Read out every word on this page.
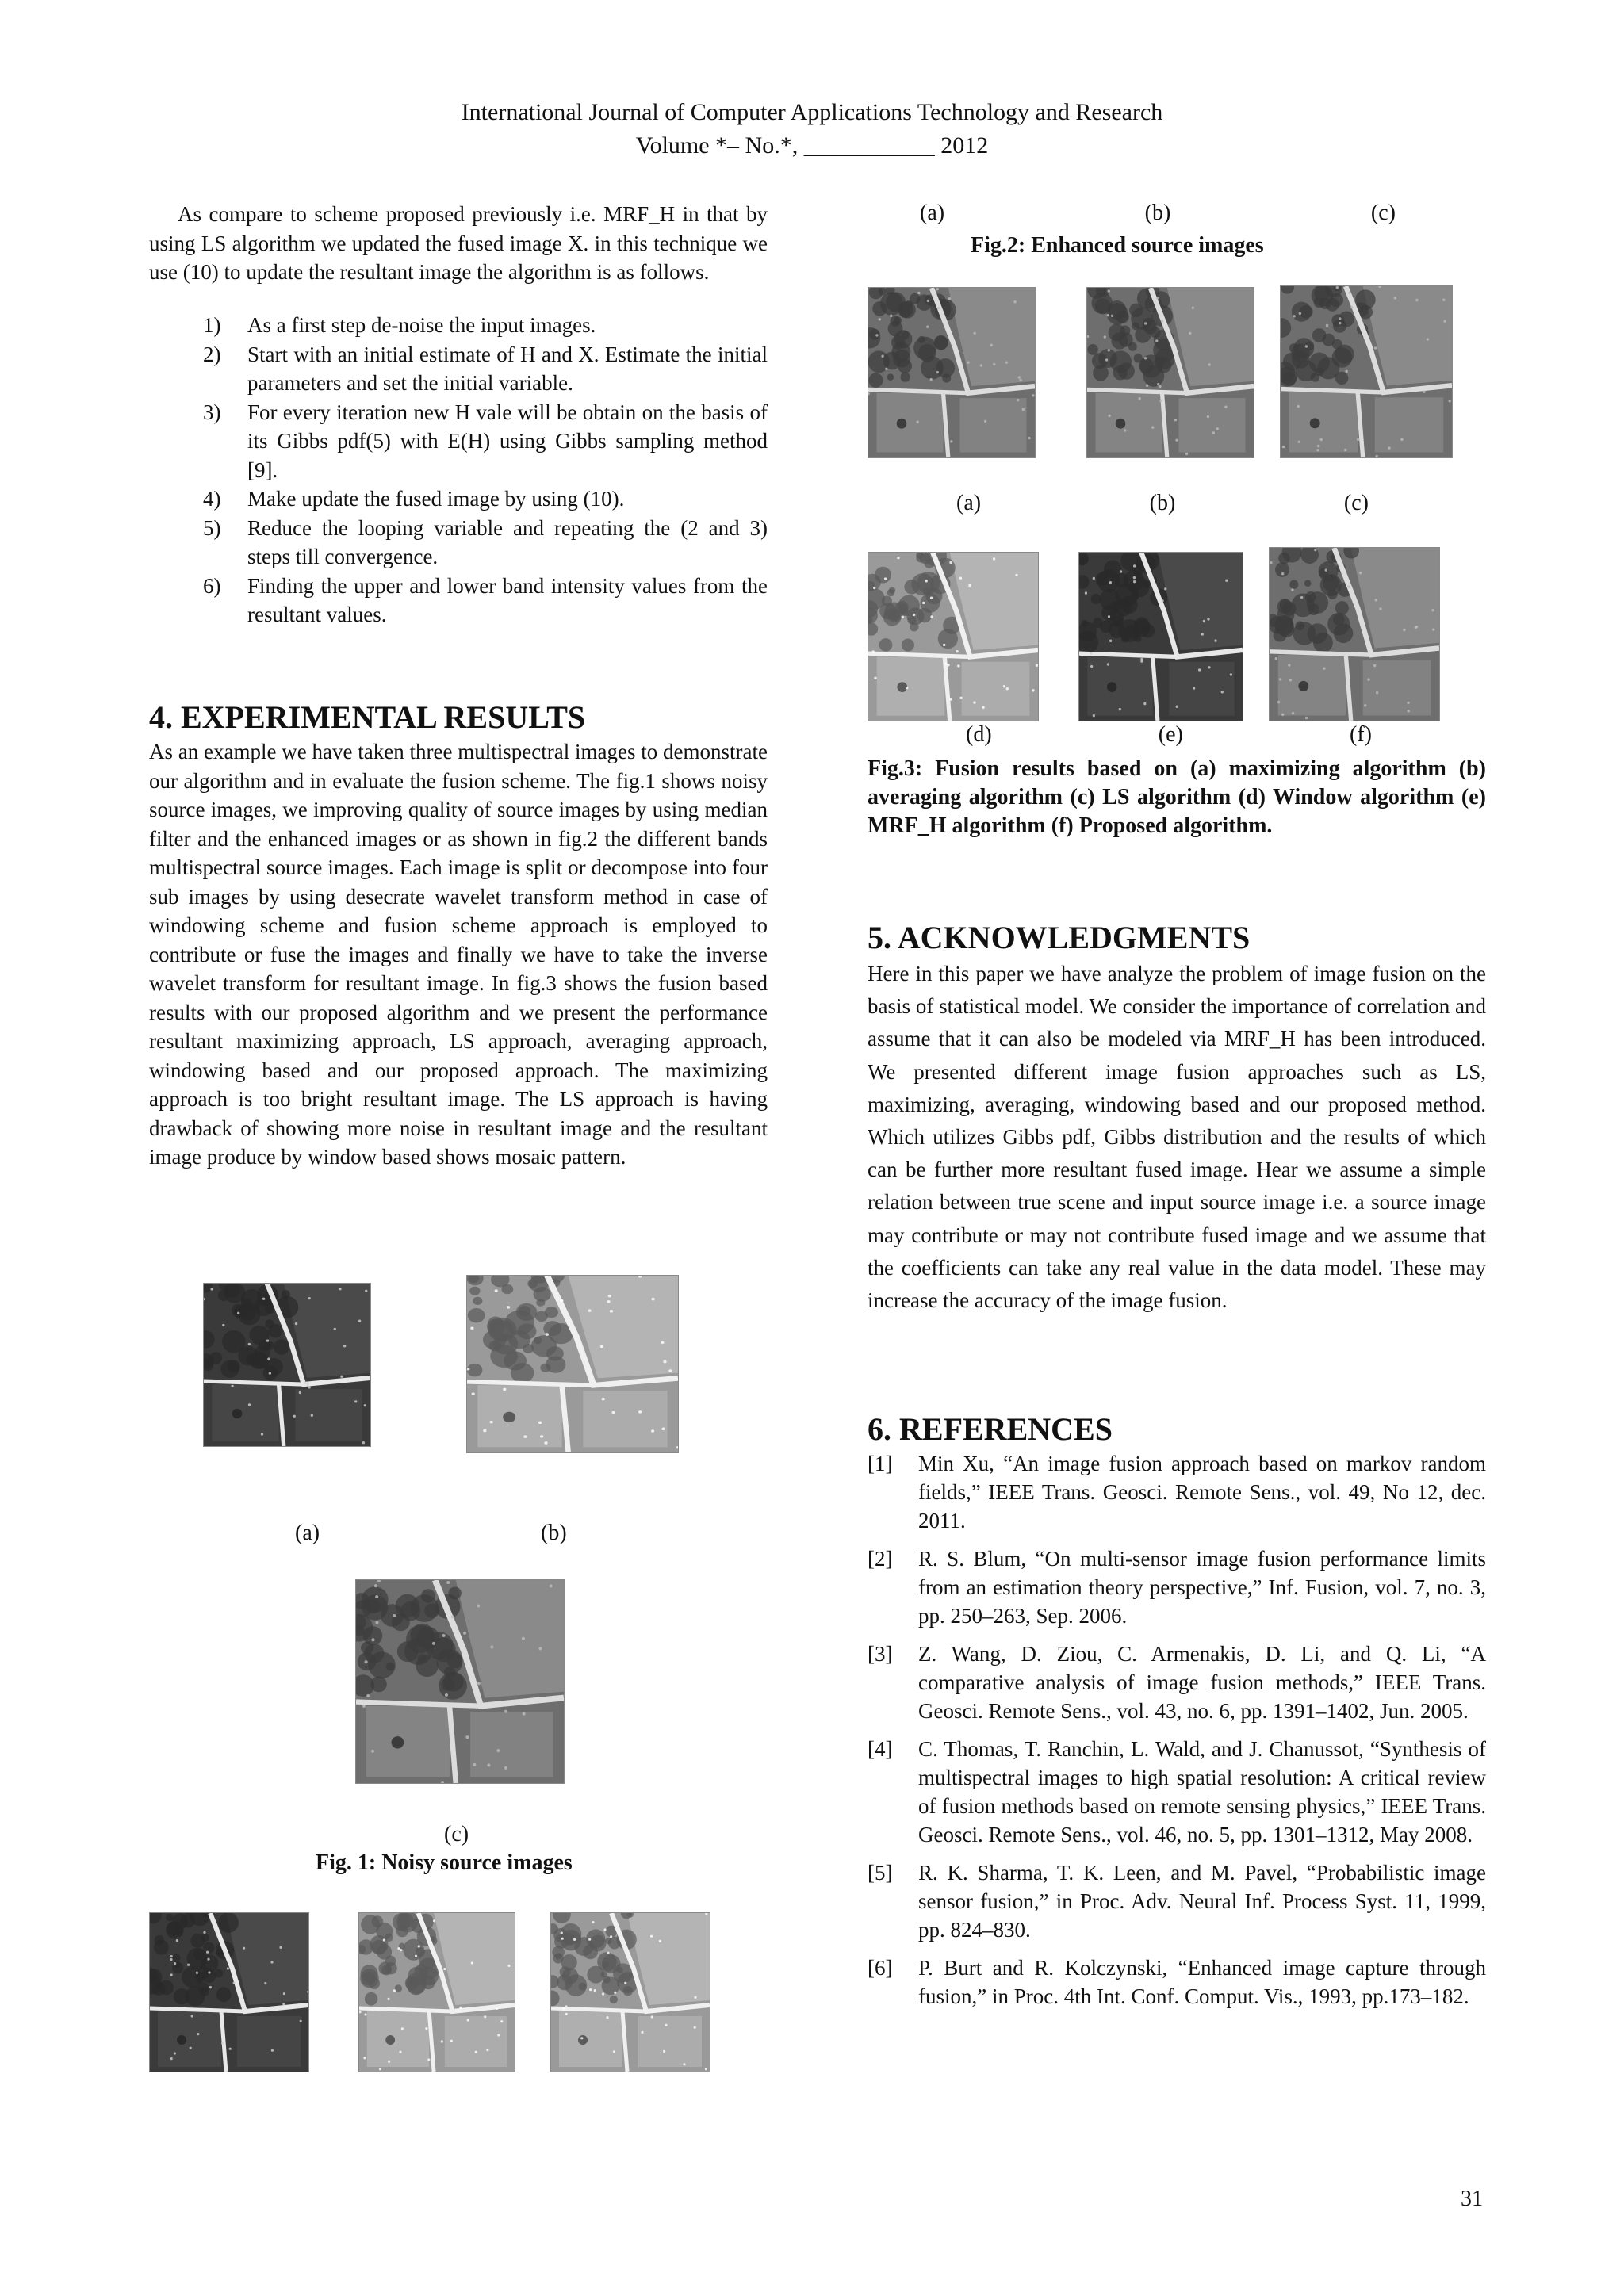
International Journal of Computer Applications Technology and Research
Volume *– No.*, ___________ 2012
As compare to scheme proposed previously i.e. MRF_H in that by using LS algorithm we updated the fused image X. in this technique we use (10) to update the resultant image the algorithm is as follows.
1)	As a first step de-noise the input images.
2)	Start with an initial estimate of H and X. Estimate the initial parameters and set the initial variable.
3)	For every iteration new H vale will be obtain on the basis of its Gibbs pdf(5) with E(H) using Gibbs sampling method [9].
4)	Make update the fused image by using (10).
5)	Reduce the looping variable and repeating the (2 and 3) steps till convergence.
6)	Finding the upper and lower band intensity values from the resultant values.
4. EXPERIMENTAL RESULTS
As an example we have taken three multispectral images to demonstrate our algorithm and in evaluate the fusion scheme. The fig.1 shows noisy source images, we improving quality of source images by using median filter and the enhanced images or as shown in fig.2 the different bands multispectral source images. Each image is split or decompose into four sub images by using desecrate wavelet transform method in case of windowing scheme and fusion scheme approach is employed to contribute or fuse the images and finally we have to take the inverse wavelet transform for resultant image. In fig.3 shows the fusion based results with our proposed algorithm and we present the performance resultant maximizing approach, LS approach, averaging approach, windowing based and our proposed approach. The maximizing approach is too bright resultant image. The LS approach is having drawback of showing more noise in resultant image and the resultant image produce by window based shows mosaic pattern.
(a)	(b)
(c)
Fig. 1: Noisy source images
(a)	(b)	(c)
Fig.2: Enhanced source images
(a)	(b)	(c)
(d)	(e)	(f)
Fig.3: Fusion results based on (a) maximizing algorithm (b) averaging algorithm (c) LS algorithm (d) Window algorithm (e) MRF_H algorithm (f) Proposed algorithm.
5. ACKNOWLEDGMENTS
Here in this paper we have analyze the problem of image fusion on the basis of statistical model. We consider the importance of correlation and assume that it can also be modeled via MRF_H has been introduced. We presented different image fusion approaches such as LS, maximizing, averaging, windowing based and our proposed method. Which utilizes Gibbs pdf, Gibbs distribution and the results of which can be further more resultant fused image. Hear we assume a simple relation between true scene and input source image i.e. a source image may contribute or may not contribute fused image and we assume that the coefficients can take any real value in the data model. These may increase the accuracy of the image fusion.
6. REFERENCES
[1]	Min Xu, “An image fusion approach based on markov random fields,” IEEE Trans. Geosci. Remote Sens., vol. 49, No 12, dec. 2011.
[2]	R. S. Blum, “On multi-sensor image fusion performance limits from an estimation theory perspective,” Inf. Fusion, vol. 7, no. 3, pp. 250–263, Sep. 2006.
[3]	Z. Wang, D. Ziou, C. Armenakis, D. Li, and Q. Li, “A comparative analysis of image fusion methods,” IEEE Trans. Geosci. Remote Sens., vol. 43, no. 6, pp. 1391–1402, Jun. 2005.
[4]	C. Thomas, T. Ranchin, L. Wald, and J. Chanussot, “Synthesis of multispectral images to high spatial resolution: A critical review of fusion methods based on remote sensing physics,” IEEE Trans. Geosci. Remote Sens., vol. 46, no. 5, pp. 1301–1312, May 2008.
[5]	R. K. Sharma, T. K. Leen, and M. Pavel, “Probabilistic image sensor fusion,” in Proc. Adv. Neural Inf. Process Syst. 11, 1999, pp. 824–830.
[6]	P. Burt and R. Kolczynski, “Enhanced image capture through fusion,” in Proc. 4th Int. Conf. Comput. Vis., 1993, pp.173–182.
31
